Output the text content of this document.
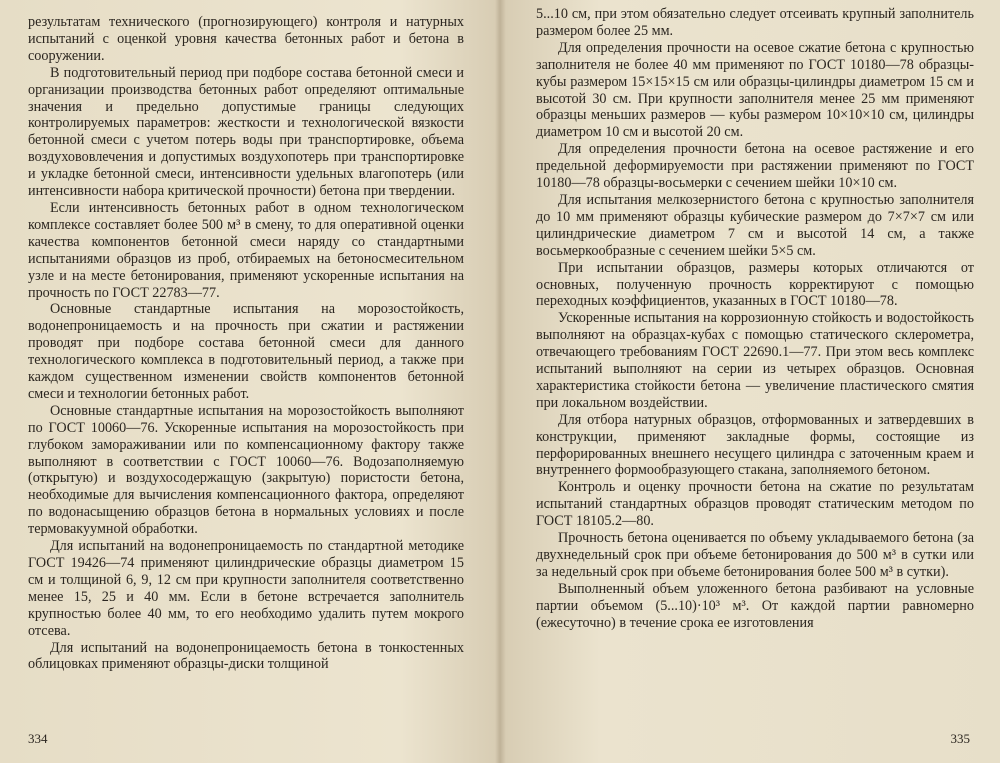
результатам технического (прогнозирующего) контроля и натурных испытаний с оценкой уровня качества бетонных работ и бетона в сооружении.

В подготовительный период при подборе состава бетонной смеси и организации производства бетонных работ определяют оптимальные значения и предельно допустимые границы следующих контролируемых параметров: жесткости и технологической вязкости бетонной смеси с учетом потерь воды при транспортировке, объема воздухововлечения и допустимых воздухопотерь при транспортировке и укладке бетонной смеси, интенсивности удельных влагопотерь (или интенсивности набора критической прочности) бетона при твердении.

Если интенсивность бетонных работ в одном технологическом комплексе составляет более 500 м³ в смену, то для оперативной оценки качества компонентов бетонной смеси наряду со стандартными испытаниями образцов из проб, отбираемых на бетоносмесительном узле и на месте бетонирования, применяют ускоренные испытания на прочность по ГОСТ 22783—77.

Основные стандартные испытания на морозостойкость, водонепроницаемость и на прочность при сжатии и растяжении проводят при подборе состава бетонной смеси для данного технологического комплекса в подготовительный период, а также при каждом существенном изменении свойств компонентов бетонной смеси и технологии бетонных работ.

Основные стандартные испытания на морозостойкость выполняют по ГОСТ 10060—76. Ускоренные испытания на морозостойкость при глубоком замораживании или по компенсационному фактору также выполняют в соответствии с ГОСТ 10060—76. Водозаполняемую (открытую) и воздухосодержащую (закрытую) пористости бетона, необходимые для вычисления компенсационного фактора, определяют по водонасыщению образцов бетона в нормальных условиях и после термовакуумной обработки.

Для испытаний на водонепроницаемость по стандартной методике ГОСТ 19426—74 применяют цилиндрические образцы диаметром 15 см и толщиной 6, 9, 12 см при крупности заполнителя соответственно менее 15, 25 и 40 мм. Если в бетоне встречается заполнитель крупностью более 40 мм, то его необходимо удалить путем мокрого отсева.

Для испытаний на водонепроницаемость бетона в тонкостенных облицовках применяют образцы-диски толщиной

334

5...10 см, при этом обязательно следует отсеивать крупный заполнитель размером более 25 мм.

Для определения прочности на осевое сжатие бетона с крупностью заполнителя не более 40 мм применяют по ГОСТ 10180—78 образцы-кубы размером 15×15×15 см или образцы-цилиндры диаметром 15 см и высотой 30 см. При крупности заполнителя менее 25 мм применяют образцы меньших размеров — кубы размером 10×10×10 см, цилиндры диаметром 10 см и высотой 20 см.

Для определения прочности бетона на осевое растяжение и его предельной деформируемости при растяжении применяют по ГОСТ 10180—78 образцы-восьмерки с сечением шейки 10×10 см.

Для испытания мелкозернистого бетона с крупностью заполнителя до 10 мм применяют образцы кубические размером до 7×7×7 см или цилиндрические диаметром 7 см и высотой 14 см, а также восьмеркообразные с сечением шейки 5×5 см.

При испытании образцов, размеры которых отличаются от основных, полученную прочность корректируют с помощью переходных коэффициентов, указанных в ГОСТ 10180—78.

Ускоренные испытания на коррозионную стойкость и водостойкость выполняют на образцах-кубах с помощью статического склерометра, отвечающего требованиям ГОСТ 22690.1—77. При этом весь комплекс испытаний выполняют на серии из четырех образцов. Основная характеристика стойкости бетона — увеличение пластического смятия при локальном воздействии.

Для отбора натурных образцов, отформованных и затвердевших в конструкции, применяют закладные формы, состоящие из перфорированных внешнего несущего цилиндра с заточенным краем и внутреннего формообразующего стакана, заполняемого бетоном.

Контроль и оценку прочности бетона на сжатие по результатам испытаний стандартных образцов проводят статическим методом по ГОСТ 18105.2—80.

Прочность бетона оценивается по объему укладываемого бетона (за двухнедельный срок при объеме бетонирования до 500 м³ в сутки или за недельный срок при объеме бетонирования более 500 м³ в сутки).

Выполненный объем уложенного бетона разбивают на условные партии объемом (5...10)·10³ м³. От каждой партии равномерно (ежесуточно) в течение срока ее изготовления

335
